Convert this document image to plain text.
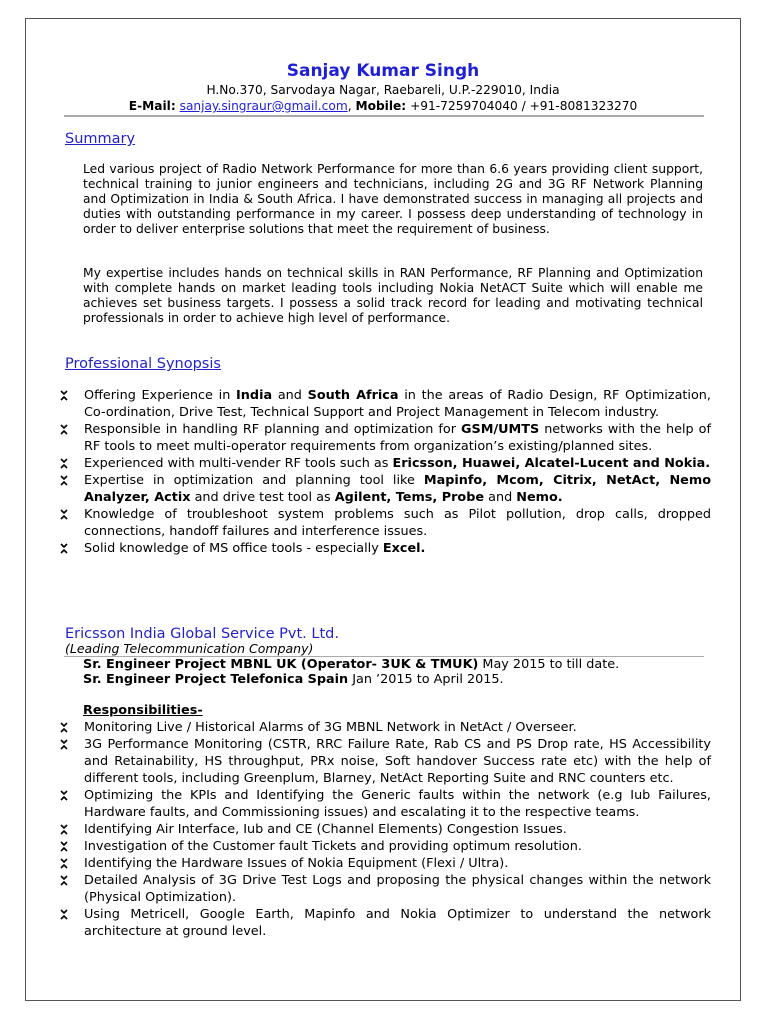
Sanjay Kumar Singh
H.No.370, Sarvodaya Nagar, Raebareli, U.P.-229010, India
E-Mail: sanjay.singraur@gmail.com, Mobile: +91-7259704040 / +91-8081323270
Summary

Led various project of Radio Network Performance for more than 6.6 years providing client support, technical training to junior engineers and technicians, including 2G and 3G RF Network Planning and Optimization in India & South Africa. I have demonstrated success in managing all projects and duties with outstanding performance in my career. I possess deep understanding of technology in order to deliver enterprise solutions that meet the requirement of business.

My expertise includes hands on technical skills in RAN Performance, RF Planning and Optimization with complete hands on market leading tools including Nokia NetACT Suite which will enable me achieves set business targets. I possess a solid track record for leading and motivating technical professionals in order to achieve high level of performance.

Professional Synopsis
Offering Experience in India and South Africa in the areas of Radio Design, RF Optimization, Co-ordination, Drive Test, Technical Support and Project Management in Telecom industry.
Responsible in handling RF planning and optimization for GSM/UMTS networks with the help of RF tools to meet multi-operator requirements from organization’s existing/planned sites.
Experienced with multi-vender RF tools such as Ericsson, Huawei, Alcatel-Lucent and Nokia.
Expertise in optimization and planning tool like Mapinfo, Mcom, Citrix, NetAct, Nemo Analyzer, Actix and drive test tool as Agilent, Tems, Probe and Nemo.
Knowledge of troubleshoot system problems such as Pilot pollution, drop calls, dropped connections, handoff failures and interference issues.
Solid knowledge of MS office tools - especially Excel.
Ericsson India Global Service Pvt. Ltd.
(Leading Telecommunication Company)
Sr. Engineer Project MBNL UK (Operator- 3UK & TMUK) May 2015 to till date.
Sr. Engineer Project Telefonica Spain Jan ’2015 to April 2015.
Responsibilities-
Monitoring Live / Historical Alarms of 3G MBNL Network in NetAct / Overseer.
3G Performance Monitoring (CSTR, RRC Failure Rate, Rab CS and PS Drop rate, HS Accessibility and Retainability, HS throughput, PRx noise, Soft handover Success rate etc) with the help of different tools, including Greenplum, Blarney, NetAct Reporting Suite and RNC counters etc.
Optimizing the KPIs and Identifying the Generic faults within the network (e.g Iub Failures, Hardware faults, and Commissioning issues) and escalating it to the respective teams.
Identifying Air Interface, Iub and CE (Channel Elements) Congestion Issues.
Investigation of the Customer fault Tickets and providing optimum resolution.
Identifying the Hardware Issues of Nokia Equipment (Flexi / Ultra).
Detailed Analysis of 3G Drive Test Logs and proposing the physical changes within the network (Physical Optimization).
Using Metricell, Google Earth, Mapinfo and Nokia Optimizer to understand the network architecture at ground level.
